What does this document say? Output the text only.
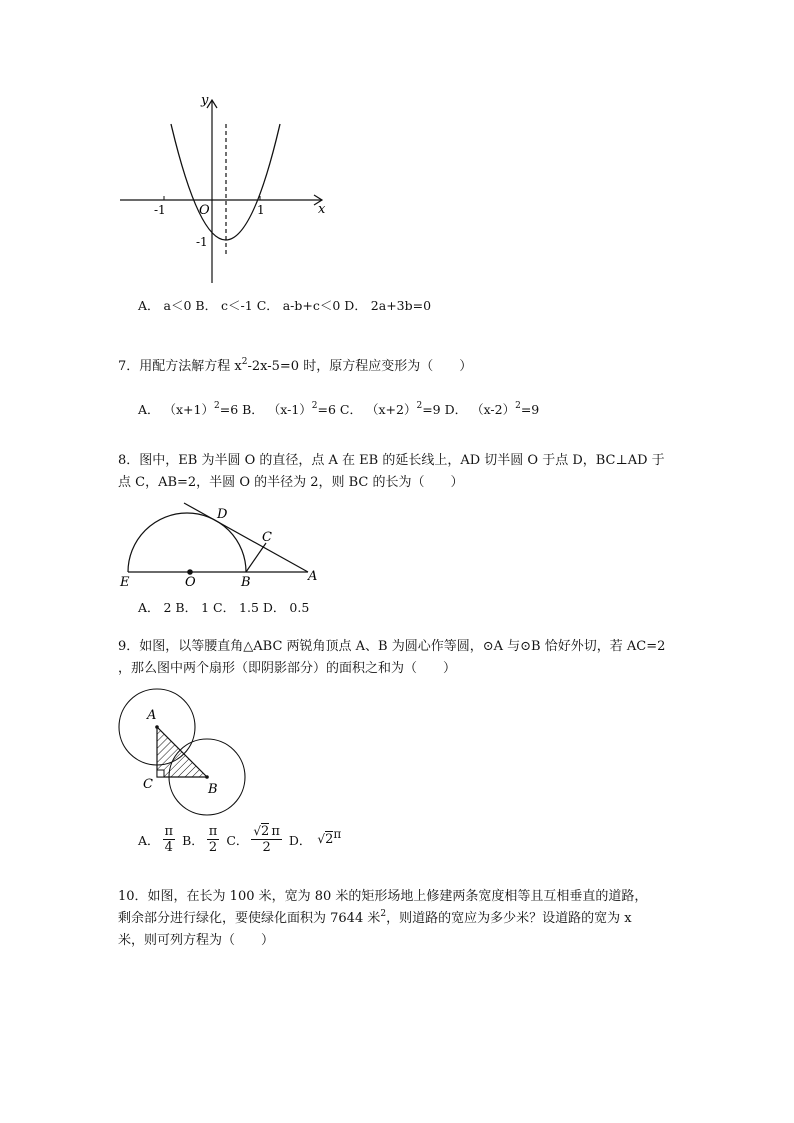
y
x
O
-1	1
-1
A． a＜0 B． c＜-1 C． a-b+c＜0 D． 2a+3b=0
7．用配方法解方程 $x^2-2x-5=0$ 时，原方程应变形为（　　）
A． $(x+1)^2=6$ B． $(x-1)^2=6$ C． $(x+2)^2=9$ D． $(x-2)^2=9$
8．图中，EB 为半圆 O 的直径，点 A 在 EB 的延长线上，AD 切半圆 O 于点 D，BC⊥AD 于
点 C，AB=2，半圆 O 的半径为 2，则 BC 的长为（　　）
D
C
E	O	B	A
A． 2 B． 1 C． 1.5 D． 0.5
9．如图，以等腰直角△ABC 两锐角顶点 A、B 为圆心作等圆，⊙A 与⊙B 恰好外切，若 AC=2
，那么图中两个扇形（即阴影部分）的面积之和为（　　）
A
B
C
A． $\frac{\pi}{4}$ B． $\frac{\pi}{2}$ C． $\frac{√2 \pi}{2}$ D． $√2^\pi$
10．如图，在长为 100 米，宽为 80 米的矩形场地上修建两条宽度相等且互相垂直的道路，
剩余部分进行绿化，要使绿化面积为 7644 米$^2$，则道路的宽应为多少米？设道路的宽为 x
米，则可列方程为（　　）
